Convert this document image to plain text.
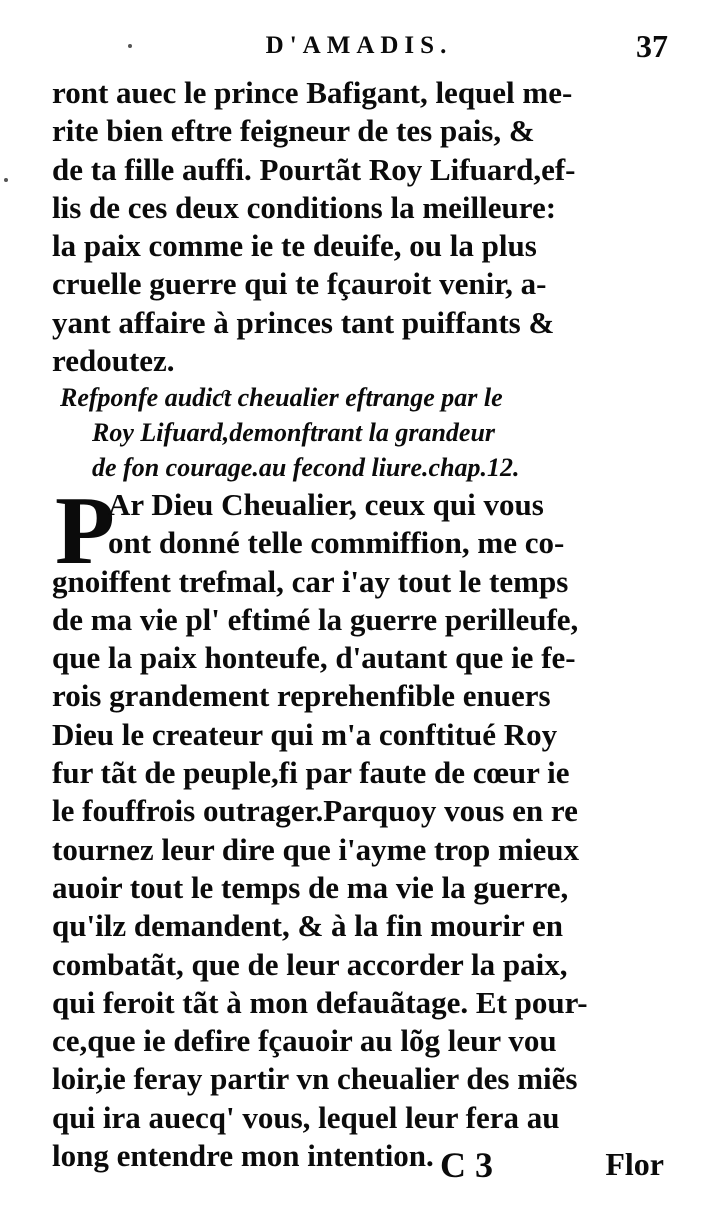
D'AMADIS.	37
ront auec le prince Bafigant, lequel me-
rite bien eftre feigneur de tes pais, &
de ta fille auffi. Pourtãt Roy Lifuard,ef-
lis de ces deux conditions la meilleure:
la paix comme ie te deuife, ou la plus
cruelle guerre qui te fçauroit venir, a-
yant affaire à princes tant puiffants &
redoutez.
Refponfe audiƈt cheualier eftrange par le
Roy Lifuard,demonftrant la grandeur
de fon courage.au fecond liure.chap.12.
P
Ar Dieu Cheualier, ceux qui vous
ont donné telle commiffion, me co-
gnoiffent trefmal, car i'ay tout le temps
de ma vie pl' eftimé la guerre perilleufe,
que la paix honteufe, d'autant que ie fe-
rois grandement reprehenfible enuers
Dieu le createur qui m'a conftitué Roy
fur tãt de peuple,fi par faute de cœur ie
le fouffrois outrager.Parquoy vous en re
tournez leur dire que i'ayme trop mieux
auoir tout le temps de ma vie la guerre,
qu'ilz demandent, & à la fin mourir en
combatãt, que de leur accorder la paix,
qui feroit tãt à mon defauãtage. Et pour-
ce,que ie defire fçauoir au lõg leur vou
loir,ie feray partir vn cheualier des miẽs
qui ira auecq' vous, lequel leur fera au
long entendre mon intention. C 3	Flor
